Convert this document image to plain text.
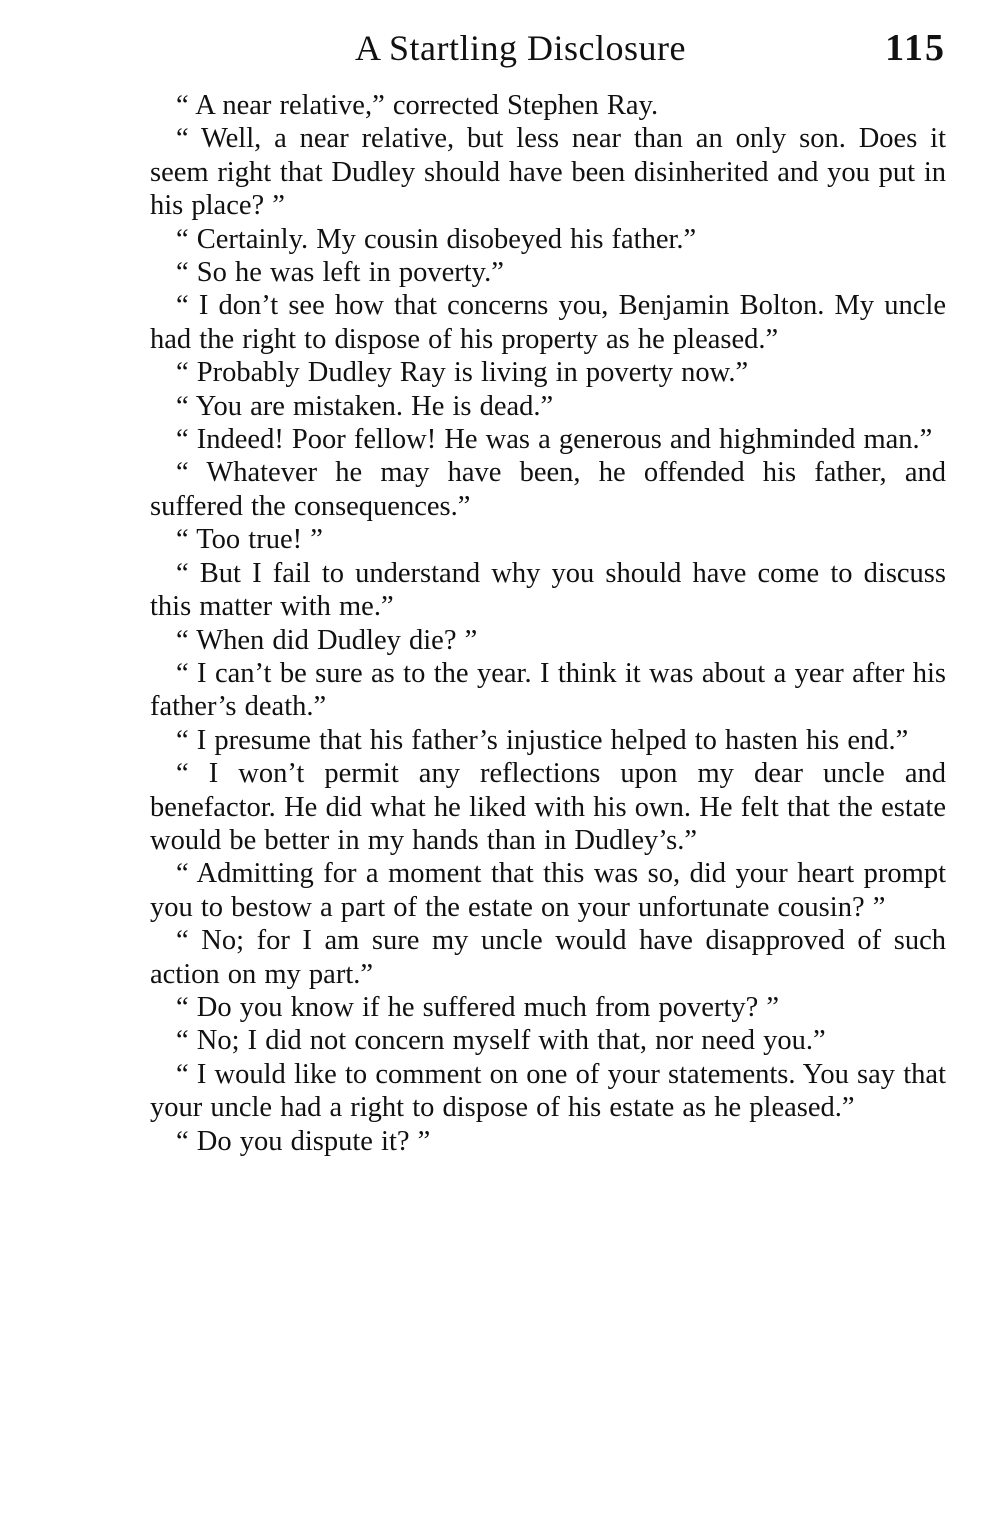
A Startling Disclosure	115

“ A near relative,” corrected Stephen Ray.

“ Well, a near relative, but less near than an only son. Does it seem right that Dudley should have been disinherited and you put in his place? ”

“ Certainly. My cousin disobeyed his father.”

“ So he was left in poverty.”

“ I don’t see how that concerns you, Benjamin Bolton. My uncle had the right to dispose of his property as he pleased.”

“ Probably Dudley Ray is living in poverty now.”

“ You are mistaken. He is dead.”

“ Indeed! Poor fellow! He was a generous and highminded man.”

“ Whatever he may have been, he offended his father, and suffered the consequences.”

“ Too true! ”

“ But I fail to understand why you should have come to discuss this matter with me.”

“ When did Dudley die? ”

“ I can’t be sure as to the year. I think it was about a year after his father’s death.”

“ I presume that his father’s injustice helped to hasten his end.”

“ I won’t permit any reflections upon my dear uncle and benefactor. He did what he liked with his own. He felt that the estate would be better in my hands than in Dudley’s.”

“ Admitting for a moment that this was so, did your heart prompt you to bestow a part of the estate on your unfortunate cousin? ”

“ No; for I am sure my uncle would have disapproved of such action on my part.”

“ Do you know if he suffered much from poverty? ”

“ No; I did not concern myself with that, nor need you.”

“ I would like to comment on one of your statements. You say that your uncle had a right to dispose of his estate as he pleased.”

“ Do you dispute it? ”
